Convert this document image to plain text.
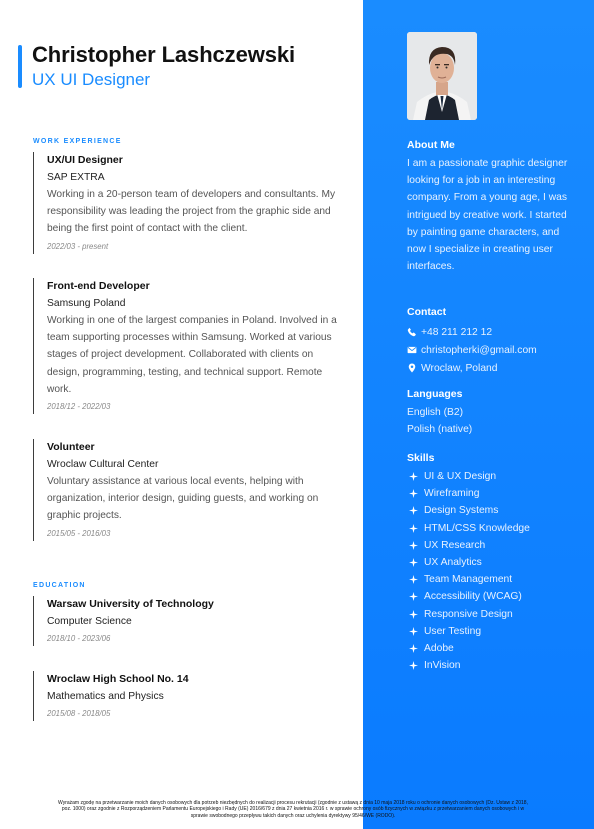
Christopher Lashczewski
UX UI Designer
WORK EXPERIENCE
UX/UI Designer
SAP EXTRA
Working in a 20-person team of developers and consultants. My responsibility was leading the project from the graphic side and being the first point of contact with the client.
2022/03 - present
Front-end Developer
Samsung Poland
Working in one of the largest companies in Poland. Involved in a team supporting processes within Samsung. Worked at various stages of project development. Collaborated with clients on design, programming, testing, and technical support. Remote work.
2018/12 - 2022/03
Volunteer
Wroclaw Cultural Center
Voluntary assistance at various local events, helping with organization, interior design, guiding guests, and working on graphic projects.
2015/05 - 2016/03
EDUCATION
Warsaw University of Technology
Computer Science
2018/10 - 2023/06
Wroclaw High School No. 14
Mathematics and Physics
2015/08 - 2018/05
About Me
I am a passionate graphic designer looking for a job in an interesting company. From a young age, I was intrigued by creative work. I started by painting game characters, and now I specialize in creating user interfaces.
Contact
+48 211 212 12
christopherki@gmail.com
Wroclaw, Poland
Languages
English (B2)
Polish (native)
Skills
UI & UX Design
Wireframing
Design Systems
HTML/CSS Knowledge
UX Research
UX Analytics
Team Management
Accessibility (WCAG)
Responsive Design
User Testing
Adobe
InVision
Wyrażam zgodę na przetwarzanie moich danych osobowych dla potrzeb niezbędnych do realizacji procesu rekrutacji (zgodnie z ustawą z dnia 10 maja 2018 roku o ochronie danych osobowych (Dz. Ustaw z 2018, poz. 1000) oraz zgodnie z Rozporządzeniem Parlamentu Europejskiego i Rady (UE) 2016/679 z dnia 27 kwietnia 2016 r. w sprawie ochrony osób fizycznych w związku z przetwarzaniem danych osobowych i w sprawie swobodnego przepływu takich danych oraz uchylenia dyrektywy 95/46/WE (RODO).
